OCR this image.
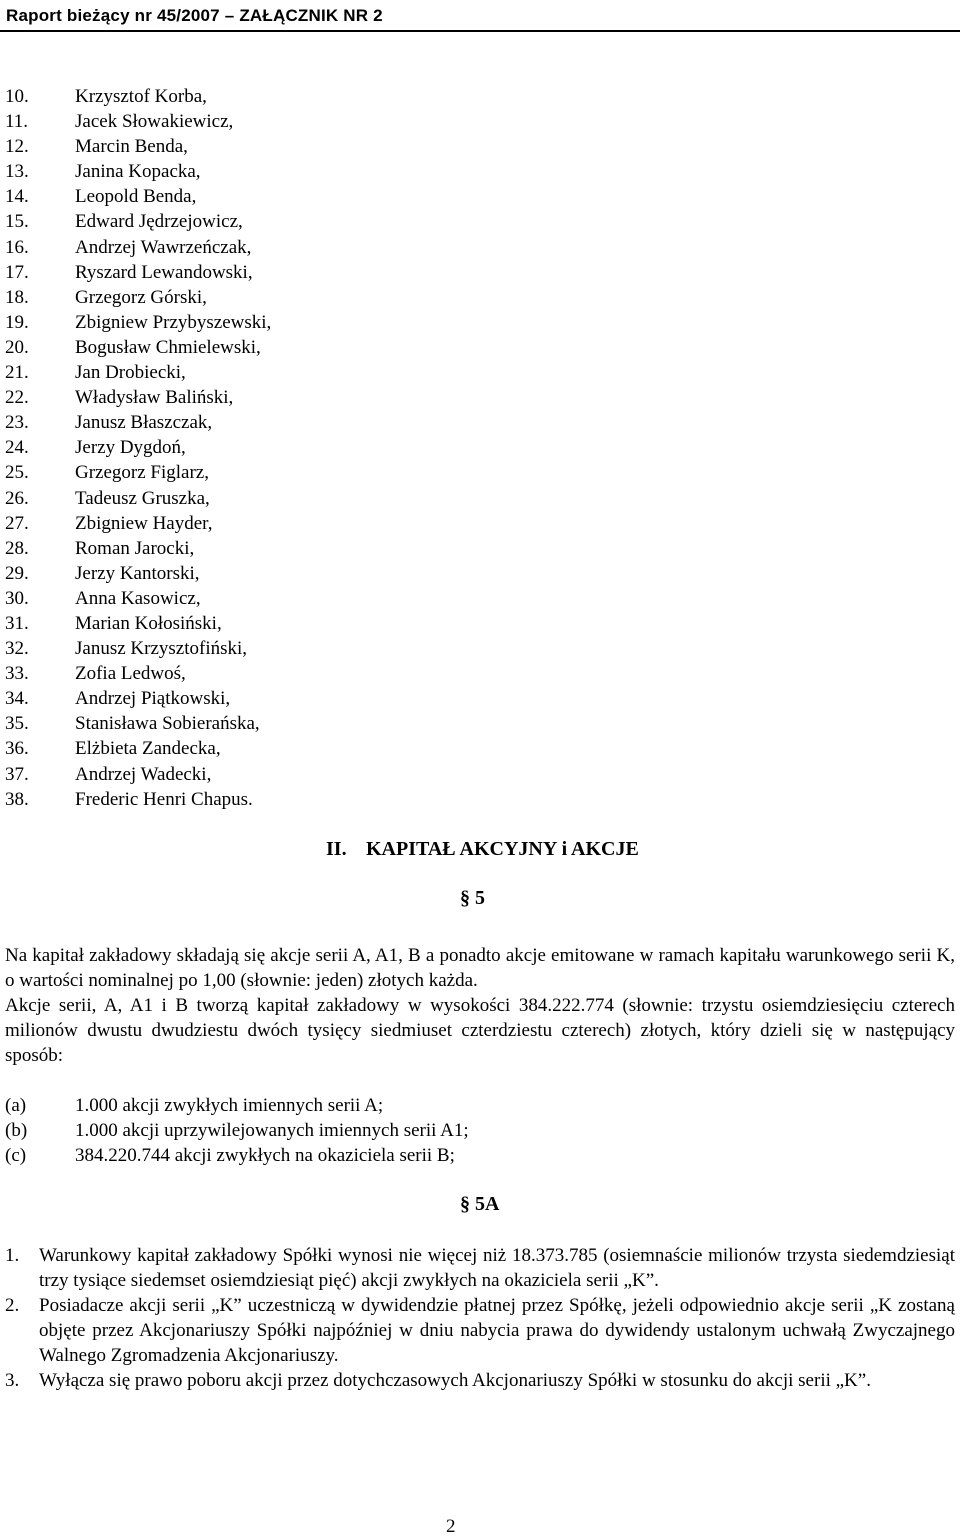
Raport bieżący nr 45/2007 – ZAŁĄCZNIK NR 2
10. Krzysztof Korba,
11. Jacek Słowakiewicz,
12. Marcin Benda,
13. Janina Kopacka,
14. Leopold Benda,
15. Edward Jędrzejowicz,
16. Andrzej Wawrzeńczak,
17. Ryszard Lewandowski,
18. Grzegorz Górski,
19. Zbigniew Przybyszewski,
20. Bogusław Chmielewski,
21. Jan Drobiecki,
22. Władysław Baliński,
23. Janusz Błaszczak,
24. Jerzy Dygdoń,
25. Grzegorz Figlarz,
26. Tadeusz Gruszka,
27. Zbigniew Hayder,
28. Roman Jarocki,
29. Jerzy Kantorski,
30. Anna Kasowicz,
31. Marian Kołosiński,
32. Janusz Krzysztofiński,
33. Zofia Ledwoś,
34. Andrzej Piątkowski,
35. Stanisława Sobierańska,
36. Elżbieta Zandecka,
37. Andrzej Wadecki,
38. Frederic Henri Chapus.
II. KAPITAŁ AKCYJNY i AKCJE
§ 5

Na kapitał zakładowy składają się akcje serii A, A1, B a ponadto akcje emitowane w ramach kapitału warunkowego serii K, o wartości nominalnej po 1,00 (słownie: jeden) złotych każda.

Akcje serii, A, A1 i B tworzą kapitał zakładowy w wysokości 384.222.774 (słownie: trzystu osiemdziesięciu czterech milionów dwustu dwudziestu dwóch tysięcy siedmiuset czterdziestu czterech) złotych, który dzieli się w następujący sposób:

(a)	1.000 akcji zwykłych imiennych serii A;
(b)	1.000 akcji uprzywilejowanych imiennych serii A1;
(c)	384.220.744 akcji zwykłych na okaziciela serii B;
§ 5A
1. Warunkowy kapitał zakładowy Spółki wynosi nie więcej niż 18.373.785 (osiemnaście milionów trzysta siedemdziesiąt trzy tysiące siedemset osiemdziesiąt pięć) akcji zwykłych na okaziciela serii „K”.
2. Posiadacze akcji serii „K” uczestniczą w dywidendzie płatnej przez Spółkę, jeżeli odpowiednio akcje serii „K zostaną objęte przez Akcjonariuszy Spółki najpóźniej w dniu nabycia prawa do dywidendy ustalonym uchwałą Zwyczajnego Walnego Zgromadzenia Akcjonariuszy.
3. Wyłącza się prawo poboru akcji przez dotychczasowych Akcjonariuszy Spółki w stosunku do akcji serii „K”.
2
